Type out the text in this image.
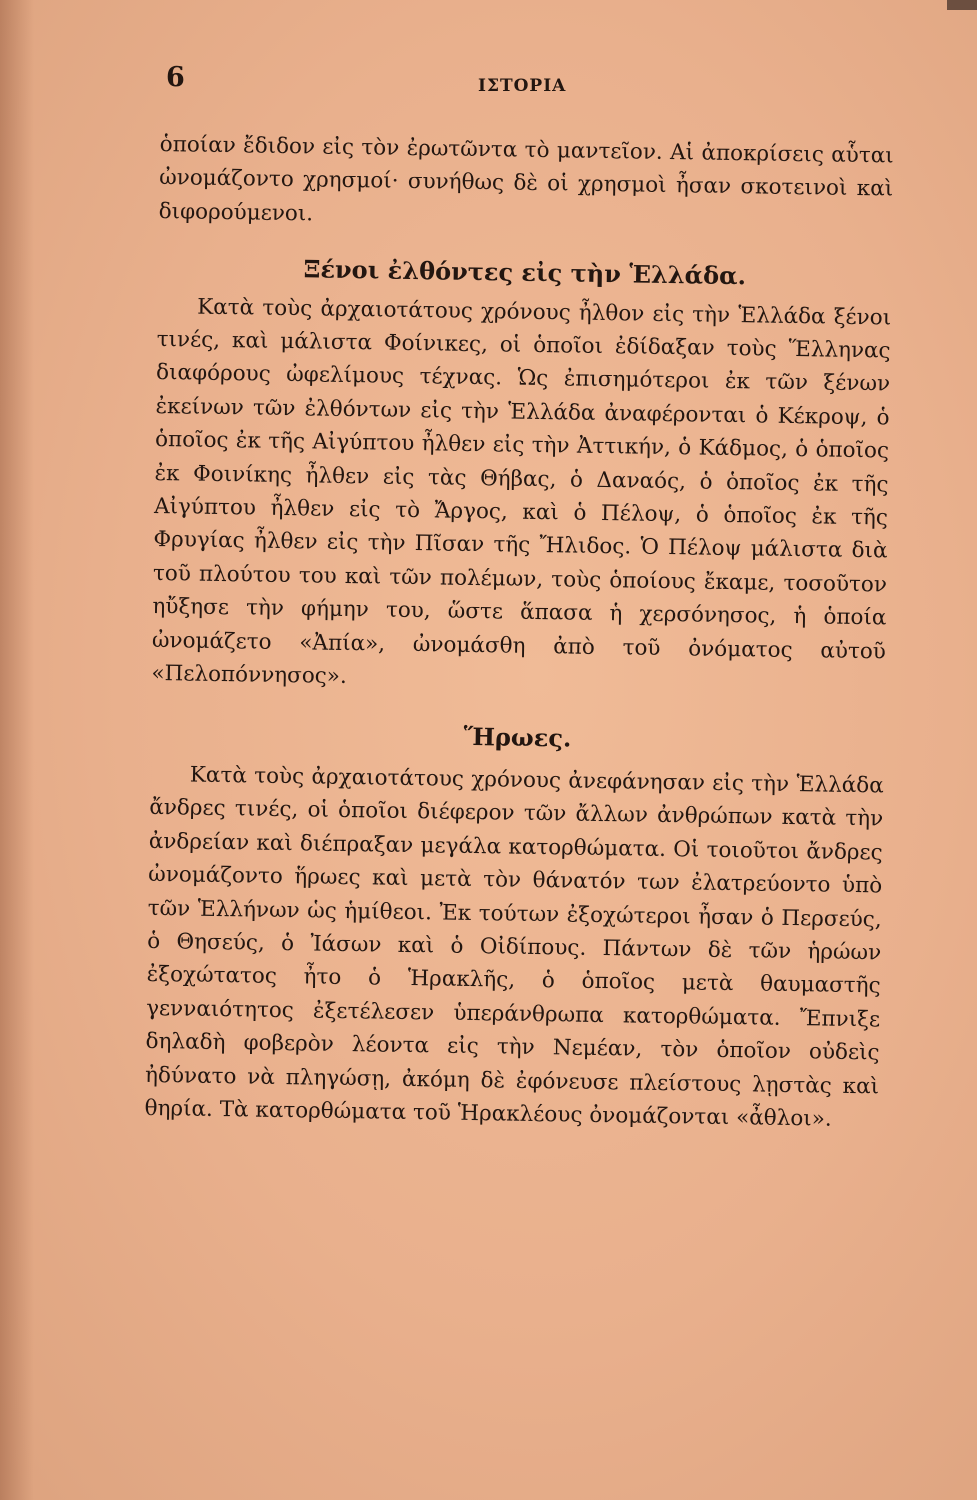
6	ΙΣΤΟΡΙΑ

ὁποίαν ἔδιδον εἰς τὸν ἐρωτῶντα τὸ μαντεῖον. Αἱ ἀποκρίσεις αὗται ὠνομάζοντο χρησμοί· συνήθως δὲ οἱ χρησμοὶ ἦσαν σκοτεινοὶ καὶ διφορούμενοι.

Ξένοι ἐλθόντες εἰς τὴν Ἑλλάδα.

Κατὰ τοὺς ἀρχαιοτάτους χρόνους ἦλθον εἰς τὴν Ἑλλάδα ξένοι τινές, καὶ μάλιστα Φοίνικες, οἱ ὁποῖοι ἐδίδαξαν τοὺς Ἕλληνας διαφόρους ὠφελίμους τέχνας. Ὡς ἐπισημότεροι ἐκ τῶν ξένων ἐκείνων τῶν ἐλθόντων εἰς τὴν Ἑλλάδα ἀναφέρονται ὁ Κέκροψ, ὁ ὁποῖος ἐκ τῆς Αἰγύπτου ἦλθεν εἰς τὴν Ἀττικήν, ὁ Κάδμος, ὁ ὁποῖος ἐκ Φοινίκης ἦλθεν εἰς τὰς Θήβας, ὁ Δαναός, ὁ ὁποῖος ἐκ τῆς Αἰγύπτου ἦλθεν εἰς τὸ Ἄργος, καὶ ὁ Πέλοψ, ὁ ὁποῖος ἐκ τῆς Φρυγίας ἦλθεν εἰς τὴν Πῖσαν τῆς Ἤλιδος. Ὁ Πέλοψ μάλιστα διὰ τοῦ πλούτου του καὶ τῶν πολέμων, τοὺς ὁποίους ἔκαμε, τοσοῦτον ηὔξησε τὴν φήμην του, ὥστε ἅπασα ἡ χερσόνησος, ἡ ὁποία ὠνομάζετο «Ἀπία», ὠνομάσθη ἀπὸ τοῦ ὀνόματος αὐτοῦ «Πελοπόννησος».

Ἥρωες.

Κατὰ τοὺς ἀρχαιοτάτους χρόνους ἀνεφάνησαν εἰς τὴν Ἑλλάδα ἄνδρες τινές, οἱ ὁποῖοι διέφερον τῶν ἄλλων ἀνθρώπων κατὰ τὴν ἀνδρείαν καὶ διέπραξαν μεγάλα κατορθώματα. Οἱ τοιοῦτοι ἄνδρες ὠνομάζοντο ἥρωες καὶ μετὰ τὸν θάνατόν των ἐλατρεύοντο ὑπὸ τῶν Ἑλλήνων ὡς ἡμίθεοι. Ἐκ τούτων ἐξοχώτεροι ἦσαν ὁ Περσεύς, ὁ Θησεύς, ὁ Ἰάσων καὶ ὁ Οἰδίπους. Πάντων δὲ τῶν ἡρώων ἐξοχώτατος ἦτο ὁ Ἡρακλῆς, ὁ ὁποῖος μετὰ θαυμαστῆς γενναιότητος ἐξετέλεσεν ὑπεράνθρωπα κατορθώματα. Ἔπνιξε δηλαδὴ φοβερὸν λέοντα εἰς τὴν Νεμέαν, τὸν ὁποῖον οὐδεὶς ἠδύνατο νὰ πληγώσῃ, ἀκόμη δὲ ἐφόνευσε πλείστους λῃστὰς καὶ θηρία. Τὰ κατορθώματα τοῦ Ἡρακλέους ὀνομάζονται «ἆθλοι».
